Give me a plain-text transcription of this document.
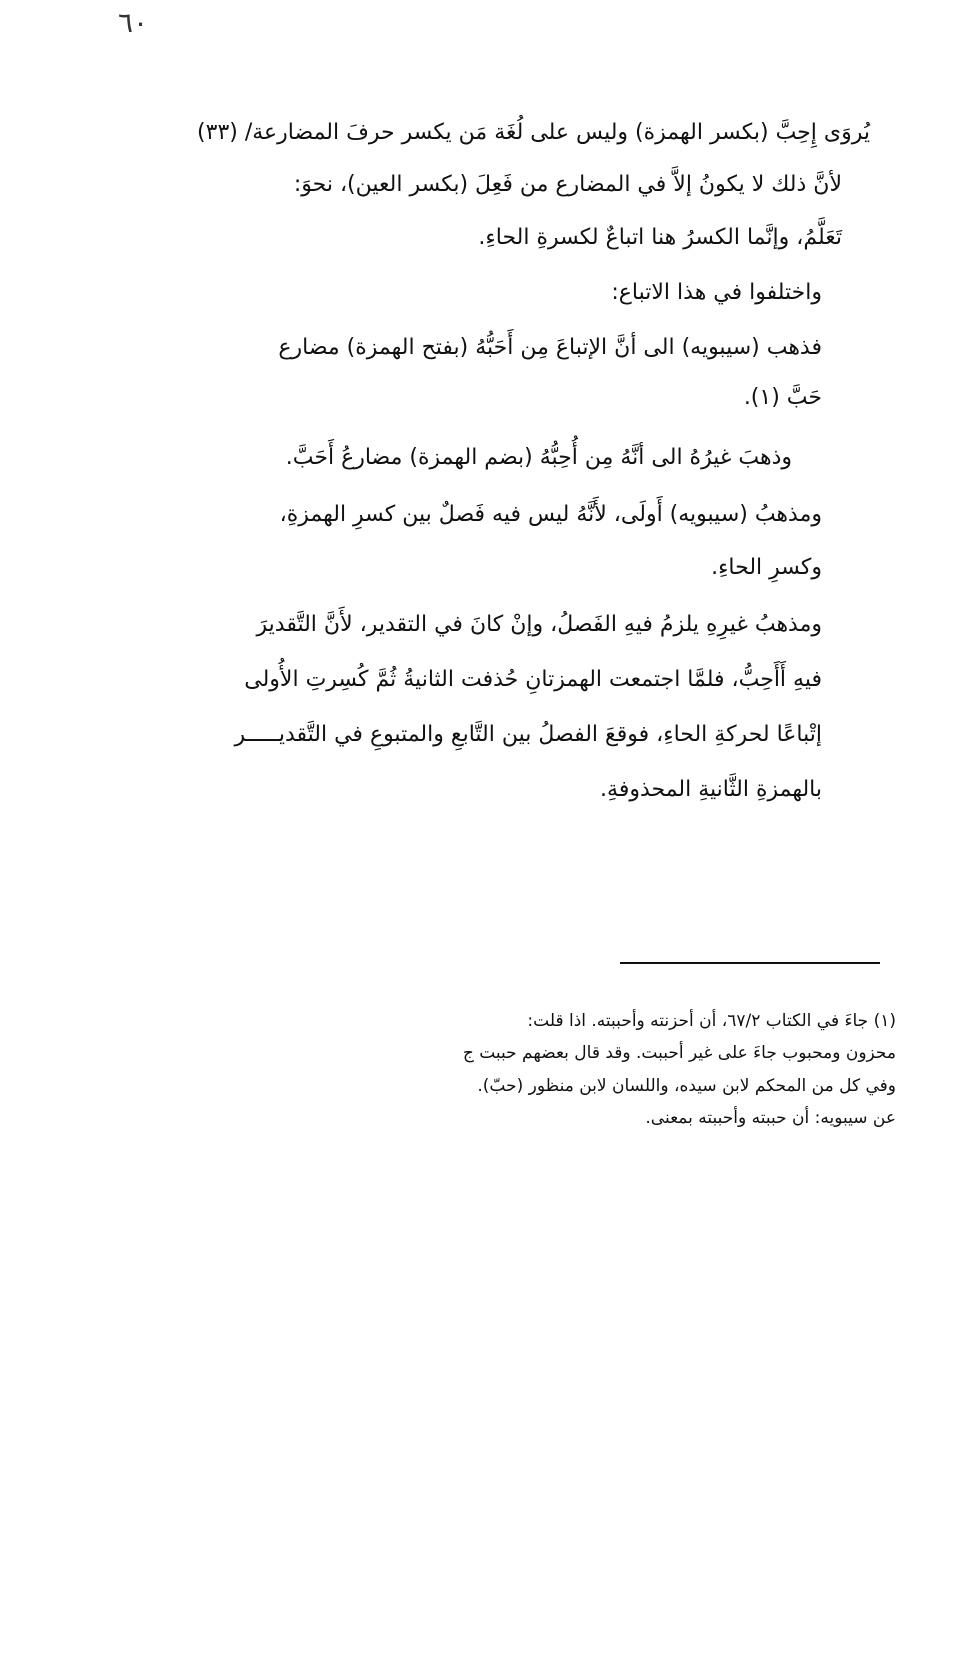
٦٠
يُروَى إِحِبَّ (بكسر الهمزة) وليس على لُغَة مَن يكسر حرفَ المضارعة/ (٣٣)
لأنَّ ذلك لا يكونُ إلاَّ في المضارع من فَعِلَ (بكسر العين)، نحوَ:
تَعَلَّمُ، وإنَّما الكسرُ هنا اتباعٌ لكسرةِ الحاءِ.
واختلفوا في هذا الاتباع:
فذهب (سيبويه) الى أنَّ الإتباعَ مِن أَحَبُّهُ (بفتح الهمزة) مضارع
حَبَّ (١).
وذهبَ غيرُهُ الى أنَّهُ مِن أُحِبُّهُ (بضم الهمزة) مضارعُ أَحَبَّ.
ومذهبُ (سيبويه) أَولَى، لأَنَّهُ ليس فيه فَصلٌ بين كسرِ الهمزةِ،
وكسرِ الحاءِ.
ومذهبُ غيرِهِ يلزمُ فيهِ الفَصلُ، وإنْ كانَ في التقدير، لأَنَّ التَّقديرَ
فيهِ أَأَحِبُّ، فلمَّا اجتمعت الهمزتانِ حُذفت الثانيةُ ثُمَّ كُسِرتِ الأُولى
إتْباعًا لحركةِ الحاءِ، فوقعَ الفصلُ بين التَّابعِ والمتبوعِ في التَّقديـــــر
بالهمزةِ الثَّانيةِ المحذوفةِ.
(١) جاءَ في الكتاب ٦٧/٢، أن أحزنته وأحببته. اذا قلت:
محزون ومحبوب جاءَ على غير أحببت. وقد قال بعضهم حببت ج
وفي كل من المحكم لابن سيده، واللسان لابن منظور (حبّ).
عن سيبويه: أن حببته وأحببته بمعنى.
